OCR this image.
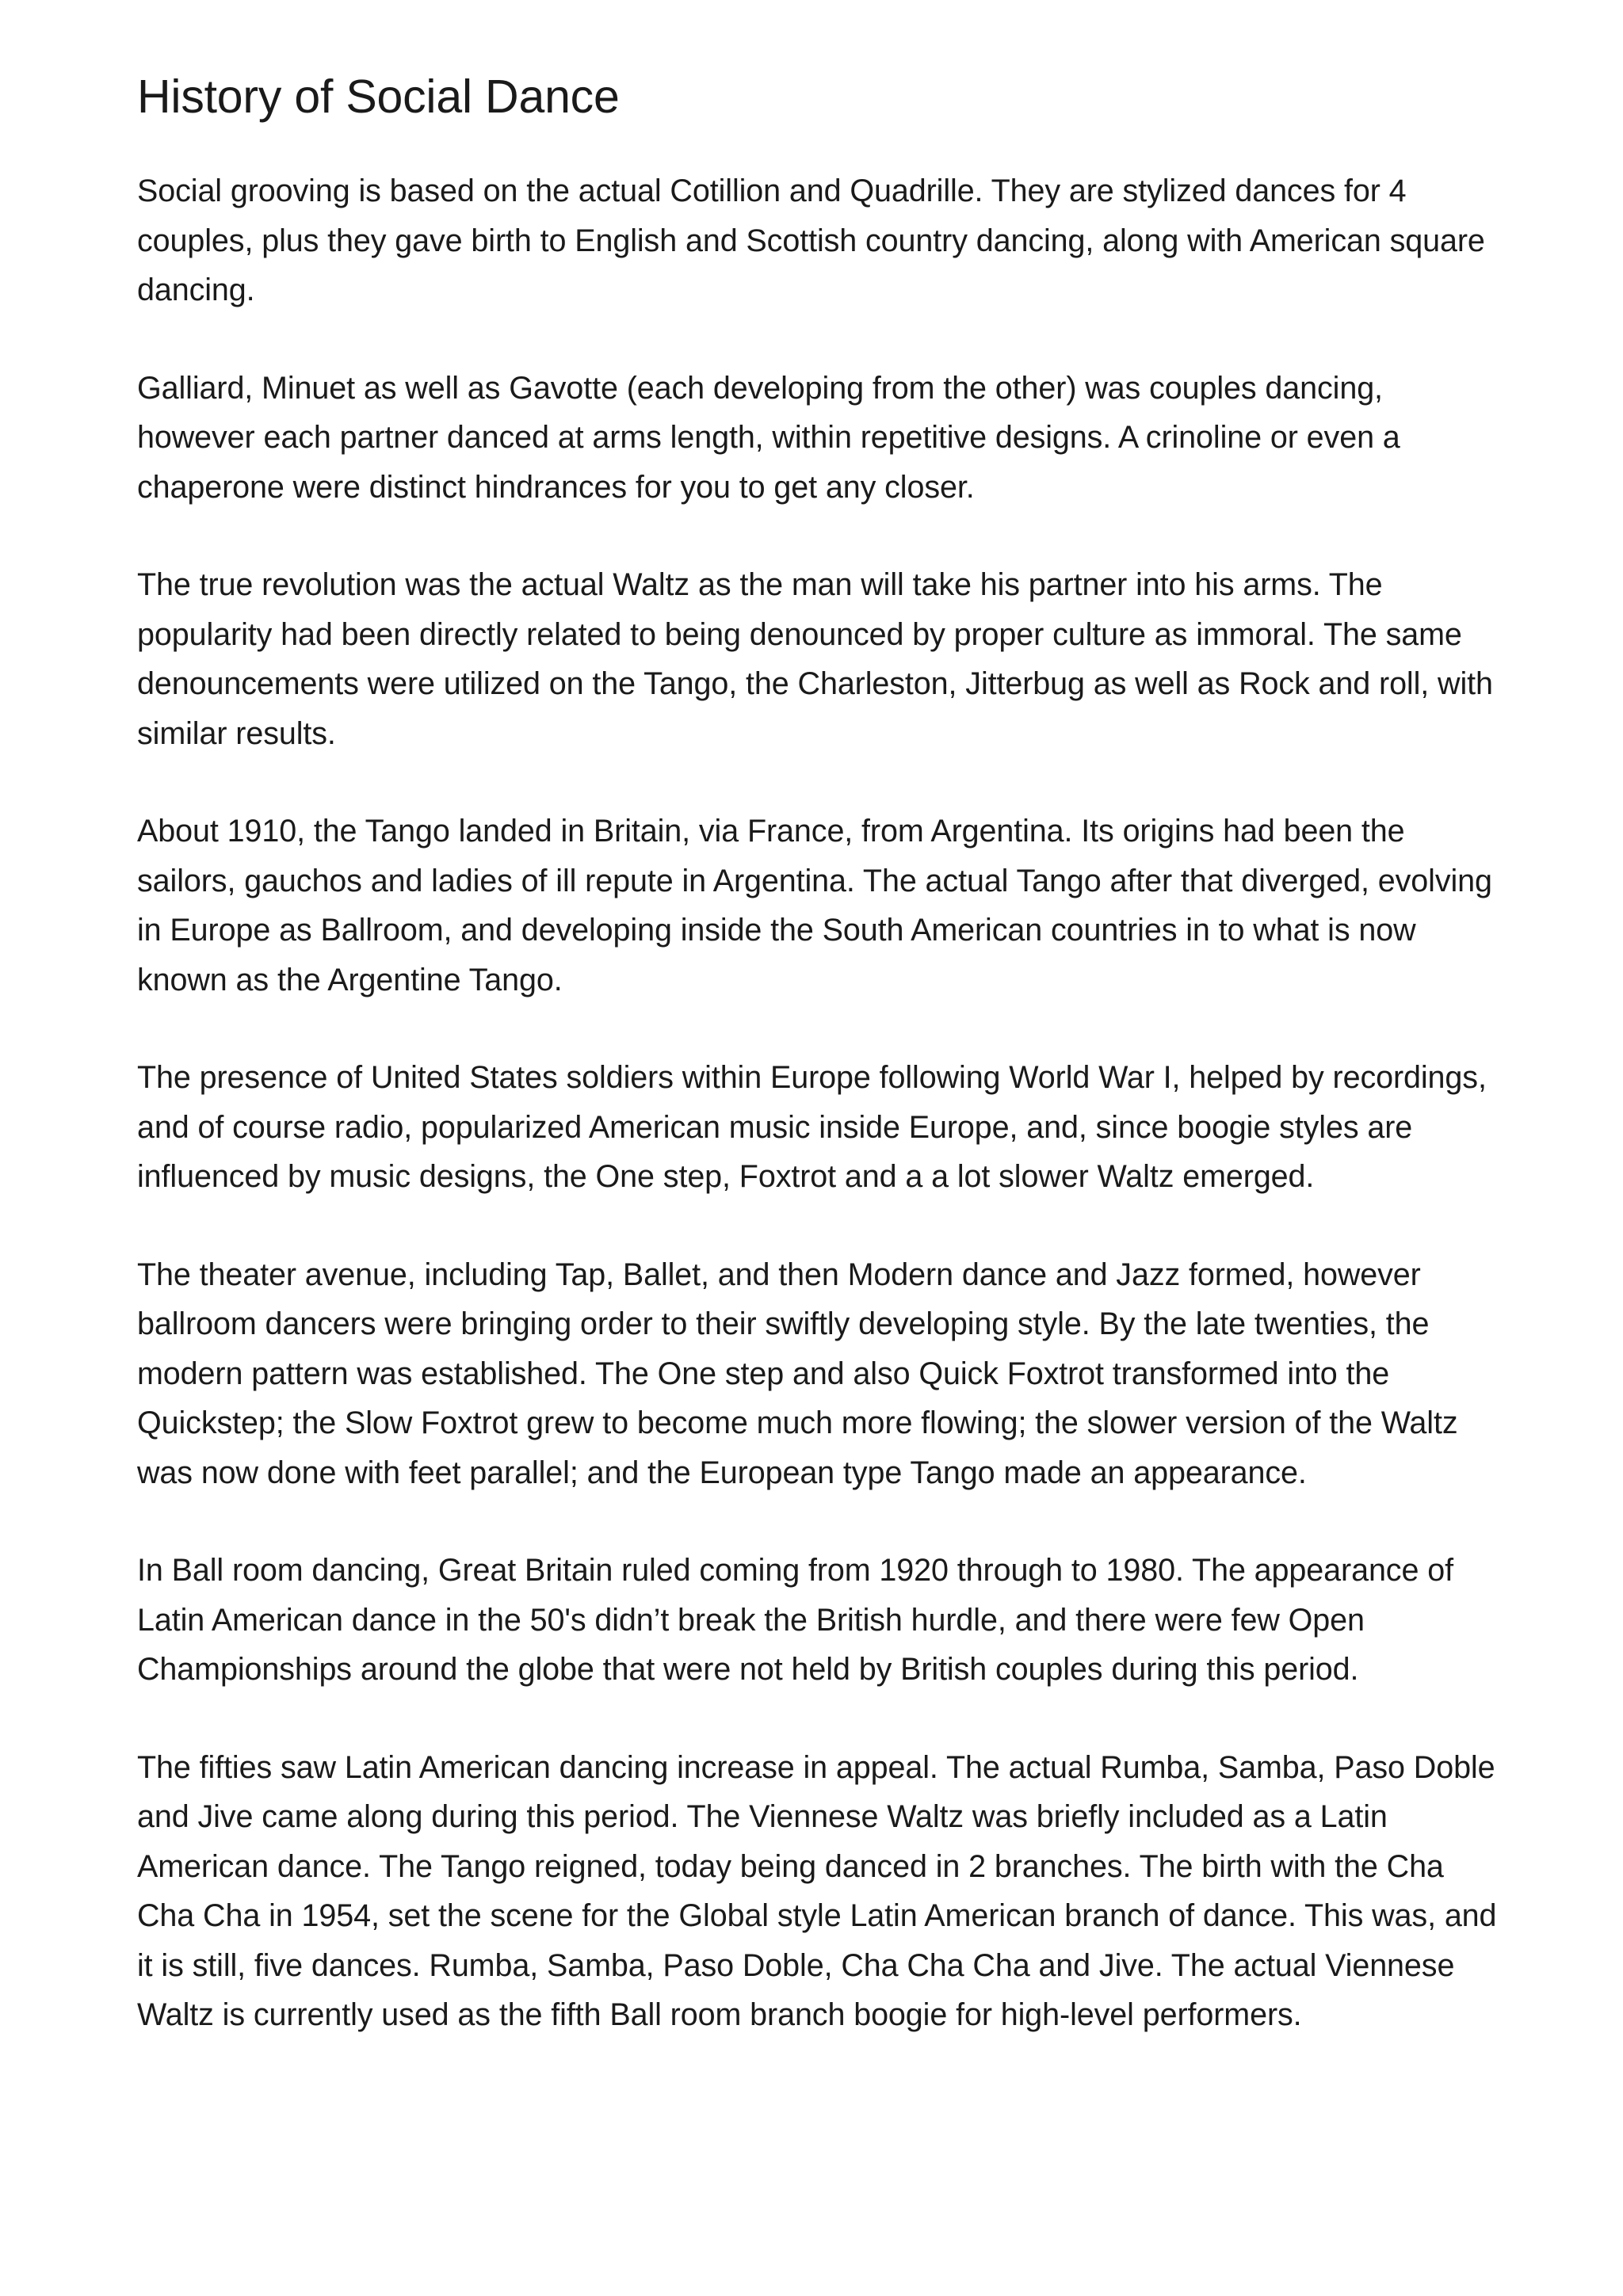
History of Social Dance

Social grooving is based on the actual Cotillion and Quadrille. They are stylized dances for 4 couples, plus they gave birth to English and Scottish country dancing, along with American square dancing.

Galliard, Minuet as well as Gavotte (each developing from the other) was couples dancing, however each partner danced at arms length, within repetitive designs. A crinoline or even a chaperone were distinct hindrances for you to get any closer.

The true revolution was the actual Waltz as the man will take his partner into his arms. The popularity had been directly related to being denounced by proper culture as immoral. The same denouncements were utilized on the Tango, the Charleston, Jitterbug as well as Rock and roll, with similar results.

About 1910, the Tango landed in Britain, via France, from Argentina. Its origins had been the sailors, gauchos and ladies of ill repute in Argentina. The actual Tango after that diverged, evolving in Europe as Ballroom, and developing inside the South American countries in to what is now known as the Argentine Tango.

The presence of United States soldiers within Europe following World War I, helped by recordings, and of course radio, popularized American music inside Europe, and, since boogie styles are influenced by music designs, the One step, Foxtrot and a a lot slower Waltz emerged.

The theater avenue, including Tap, Ballet, and then Modern dance and Jazz formed, however ballroom dancers were bringing order to their swiftly developing style. By the late twenties, the modern pattern was established. The One step and also Quick Foxtrot transformed into the Quickstep; the Slow Foxtrot grew to become much more flowing; the slower version of the Waltz was now done with feet parallel; and the European type Tango made an appearance.

In Ball room dancing, Great Britain ruled coming from 1920 through to 1980. The appearance of Latin American dance in the 50's didn’t break the British hurdle, and there were few Open Championships around the globe that were not held by British couples during this period.

The fifties saw Latin American dancing increase in appeal. The actual Rumba, Samba, Paso Doble and Jive came along during this period. The Viennese Waltz was briefly included as a Latin American dance. The Tango reigned, today being danced in 2 branches. The birth with the Cha Cha Cha in 1954, set the scene for the Global style Latin American branch of dance. This was, and it is still, five dances. Rumba, Samba, Paso Doble, Cha Cha Cha and Jive. The actual Viennese Waltz is currently used as the fifth Ball room branch boogie for high-level performers.
